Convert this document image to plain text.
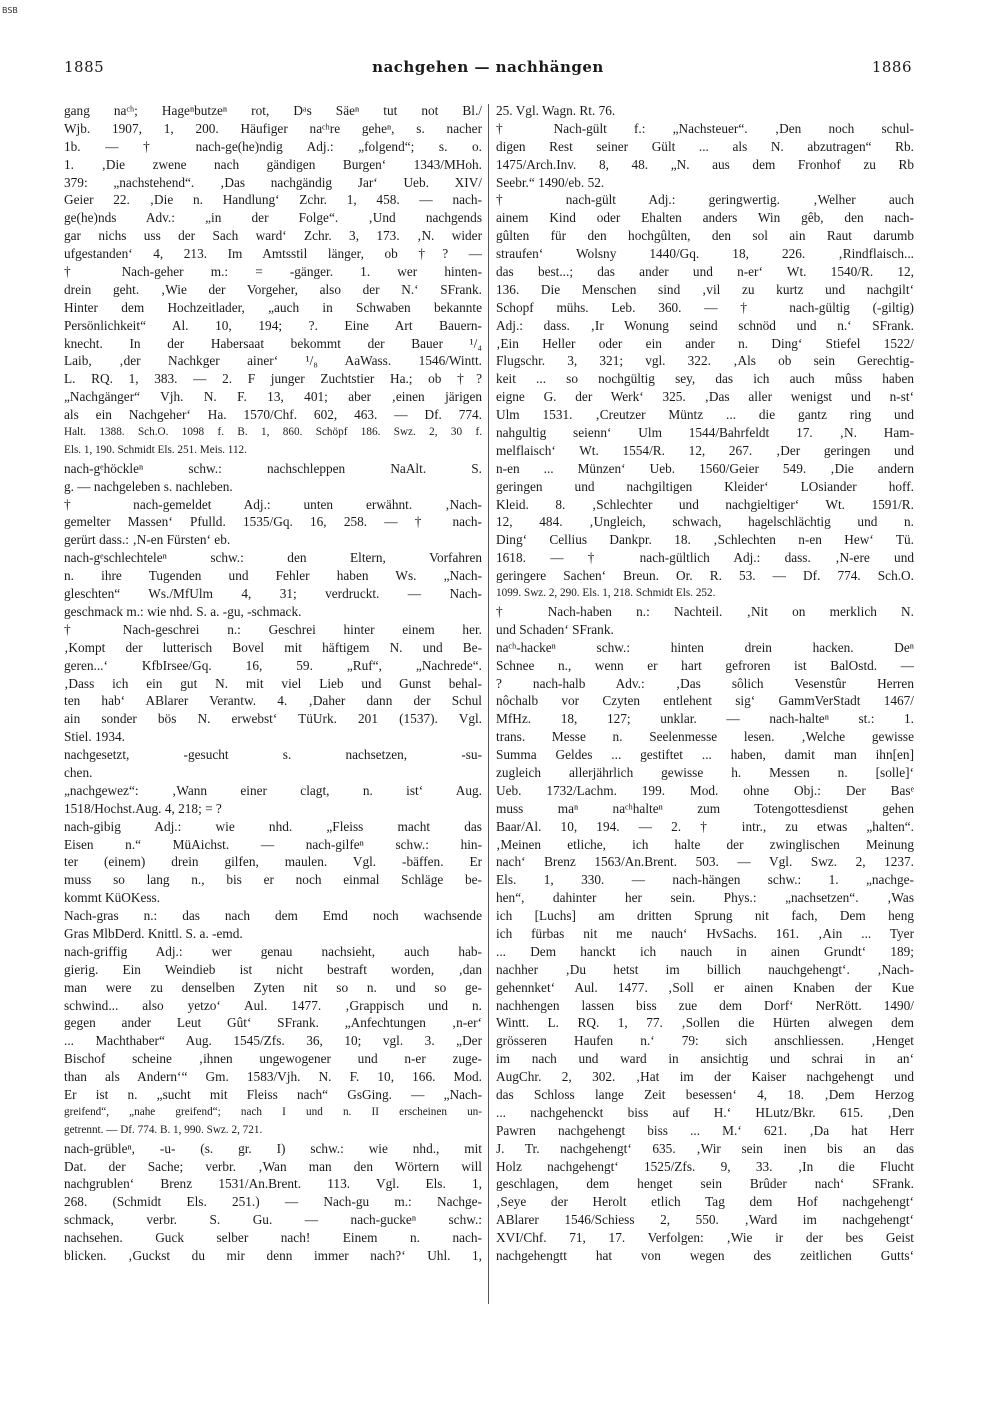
BSB
1885	nachgehen — nachhängen	1886
gang naᶜʰ; Hageⁿbutzeⁿ rot, Dᵃs Säeⁿ tut not Bl./
Wjb. 1907, 1, 200. Häufiger naᶜʰre geheⁿ, s. nacher
1b. — † nach-ge(he)ndig Adj.: „folgend“; s. o.
1. ‚Die zwene nach gändigen Burgen‘ 1343/MHoh.
379: „nachstehend“. ‚Das nachgändig Jar‘ Ueb. XIV/
Geier 22. ‚Die n. Handlung‘ Zchr. 1, 458. — nach-
ge(he)nds Adv.: „in der Folge“. ‚Und nachgends
gar nichs uss der Sach ward‘ Zchr. 3, 173. ‚N. wider
ufgestanden‘ 4, 213. Im Amtsstil länger, ob †? —
† Nach-geher m.: = -gänger. 1. wer hinten-
drein geht. ‚Wie der Vorgeher, also der N.‘ SFrank.
Hinter dem Hochzeitlader, „auch in Schwaben bekannte
Persönlichkeit“ Al. 10, 194; ?. Eine Art Bauern-
knecht. In der Habersaat bekommt der Bauer ¹/₄
Laib, ‚der Nachkger ainer‘ ¹/₈ AaWass. 1546/Wintt.
L. RQ. 1, 383. — 2. F junger Zuchtstier Ha.; ob †?
„Nachgänger“ Vjh. N. F. 13, 401; aber ‚einen järigen
als ein Nachgeher‘ Ha. 1570/Chf. 602, 463. — Df. 774.
Halt. 1388. Sch.O. 1098 f. B. 1, 860. Schöpf 186. Swz. 2, 30 f.
Els. 1, 190. Schmidt Els. 251. Meis. 112.
nach-gᵉhöckleⁿ schw.: nachschleppen NaAlt. S.
g. — nachgeleben s. nachleben.
† nach-gemeldet Adj.: unten erwähnt. ‚Nach-
gemelter Massen‘ Pfulld. 1535/Gq. 16, 258. — † nach-
gerürt dass.: ‚N-en Fürsten‘ eb.
nach-gᵉschlechteleⁿ schw.: den Eltern, Vorfahren
n. ihre Tugenden und Fehler haben Ws. „Nach-
gleschten“ Ws./MfUlm 4, 31; verdruckt. — Nach-
geschmack m.: wie nhd. S. a. -gu, -schmack.
† Nach-geschrei n.: Geschrei hinter einem her.
‚Kompt der lutterisch Bovel mit häftigem N. und Be-
geren...‘ KfbIrsee/Gq. 16, 59. „Ruf“, „Nachrede“.
‚Dass ich ein gut N. mit viel Lieb und Gunst behal-
ten hab‘ ABlarer Verantw. 4. ‚Daher dann der Schul
ain sonder bös N. erwebst‘ TüUrk. 201 (1537). Vgl.
Stiel. 1934.
nachgesetzt, -gesucht s. nachsetzen, -su-
chen.
„nachgewez“: ‚Wann einer clagt, n. ist‘ Aug.
1518/Hochst.Aug. 4, 218; = ?
nach-gibig Adj.: wie nhd. „Fleiss macht das
Eisen n.“ MüAichst. — nach-gilfeⁿ schw.: hin-
ter (einem) drein gilfen, maulen. Vgl. -bäffen. Er
muss so lang n., bis er noch einmal Schläge be-
kommt KüOKess.
Nach-gras n.: das nach dem Emd noch wachsende
Gras MlbDerd. Knittl. S. a. -emd.
nach-griffig Adj.: wer genau nachsieht, auch hab-
gierig. Ein Weindieb ist nicht bestraft worden, ‚dan
man were zu denselben Zyten nit so n. und so ge-
schwind... also yetzo‘ Aul. 1477. ‚Grappisch und n.
gegen ander Leut Gût‘ SFrank. „Anfechtungen ‚n-er‘
... Machthaber“ Aug. 1545/Zfs. 36, 10; vgl. 3. „Der
Bischof scheine ‚ihnen ungewogener und n-er zuge-
than als Andern‘“ Gm. 1583/Vjh. N. F. 10, 166. Mod.
Er ist n. „sucht mit Fleiss nach“ GsGing. — „Nach-
greifend“, „nahe greifend“; nach I und n. II erscheinen un-
getrennt. — Df. 774. B. 1, 990. Swz. 2, 721.
nach-grübleⁿ, -u- (s. gr. I) schw.: wie nhd., mit
Dat. der Sache; verbr. ‚Wan man den Wörtern will
nachgrublen‘ Brenz 1531/An.Brent. 113. Vgl. Els. 1,
268. (Schmidt Els. 251.) — Nach-gu m.: Nachge-
schmack, verbr. S. Gu. — nach-guckeⁿ schw.:
nachsehen. Guck selber nach! Einem n. nach-
blicken. ‚Guckst du mir denn immer nach?‘ Uhl. 1,
25. Vgl. Wagn. Rt. 76.
† Nach-gült f.: „Nachsteuer“. ‚Den noch schul-
digen Rest seiner Gült ... als N. abzutragen“ Rb.
1475/Arch.Inv. 8, 48. „N. aus dem Fronhof zu Rb
Seebr.“ 1490/eb. 52.
† nach-gült Adj.: geringwertig. ‚Welher auch
ainem Kind oder Ehalten anders Win gêb, den nach-
gûlten für den hochgûlten, den sol ain Raut darumb
straufen‘ Wolsny 1440/Gq. 18, 226. ‚Rindflaisch...
das best...; das ander und n-er‘ Wt. 1540/R. 12,
136. Die Menschen sind ‚vil zu kurtz und nachgilt‘
Schopf mühs. Leb. 360. — † nach-gültig (-giltig)
Adj.: dass. ‚Ir Wonung seind schnöd und n.‘ SFrank.
‚Ein Heller oder ein ander n. Ding‘ Stiefel 1522/
Flugschr. 3, 321; vgl. 322. ‚Als ob sein Gerechtig-
keit ... so nochgültig sey, das ich auch mûss haben
eigne G. der Werk‘ 325. ‚Das aller wenigst und n-st‘
Ulm 1531. ‚Creutzer Müntz ... die gantz ring und
nahgultig seienn‘ Ulm 1544/Bahrfeldt 17. ‚N. Ham-
melflaisch‘ Wt. 1554/R. 12, 267. ‚Der geringen und
n-en ... Münzen‘ Ueb. 1560/Geier 549. ‚Die andern
geringen und nachgiltigen Kleider‘ LOsiander hoff.
Kleid. 8. ‚Schlechter und nachgieltiger‘ Wt. 1591/R.
12, 484. ‚Ungleich, schwach, hagelschlächtig und n.
Ding‘ Cellius Dankpr. 18. ‚Schlechten n-en Hew‘ Tü.
1618. — † nach-gültlich Adj.: dass. ‚N-ere und
geringere Sachen‘ Breun. Or. R. 53. — Df. 774. Sch.O.
1099. Swz. 2, 290. Els. 1, 218. Schmidt Els. 252.
† Nach-haben n.: Nachteil. ‚Nit on merklich N.
und Schaden‘ SFrank.
naᶜʰ-hackeⁿ schw.: hinten drein hacken. Deⁿ
Schnee n., wenn er hart gefroren ist BalOstd. —
? nach-halb Adv.: ‚Das sôlich Vesenstûr Herren
nôchalb vor Czyten entlehent sig‘ GammVerStadt 1467/
MfHz. 18, 127; unklar. — nach-halteⁿ st.: 1.
trans. Messe n. Seelenmesse lesen. ‚Welche gewisse
Summa Geldes ... gestiftet ... haben, damit man ihn[en]
zugleich allerjährlich gewisse h. Messen n. [solle]‘
Ueb. 1732/Lachm. 199. Mod. ohne Obj.: Der Basᵉ
muss maⁿ naᶜʰhalteⁿ zum Totengottesdienst gehen
Baar/Al. 10, 194. — 2. † intr., zu etwas „halten“.
‚Meinen etliche, ich halte der zwinglischen Meinung
nach‘ Brenz 1563/An.Brent. 503. — Vgl. Swz. 2, 1237.
Els. 1, 330. — nach-hängen schw.: 1. „nachge-
hen“, dahinter her sein. Phys.: „nachsetzen“. ‚Was
ich [Luchs] am dritten Sprung nit fach, Dem heng
ich fürbas nit me nauch‘ HvSachs. 161. ‚Ain ... Tyer
... Dem hanckt ich nauch in ainen Grundt‘ 189;
nachher ‚Du hetst im billich nauchgehengt‘. ‚Nach-
gehennket‘ Aul. 1477. ‚Soll er ainen Knaben der Kue
nachhengen lassen biss zue dem Dorf‘ NerRött. 1490/
Wintt. L. RQ. 1, 77. ‚Sollen die Hürten alwegen dem
grösseren Haufen n.‘ 79: sich anschliessen. ‚Henget
im nach und ward in ansichtig und schrai in an‘
AugChr. 2, 302. ‚Hat im der Kaiser nachgehengt und
das Schloss lange Zeit besessen‘ 4, 18. ‚Dem Herzog
... nachgehenckt biss auf H.‘ HLutz/Bkr. 615. ‚Den
Pawren nachgehengt biss ... M.‘ 621. ‚Da hat Herr
J. Tr. nachgehengt‘ 635. ‚Wir sein inen bis an das
Holz nachgehengt‘ 1525/Zfs. 9, 33. ‚In die Flucht
geschlagen, dem henget sein Brûder nach‘ SFrank.
‚Seye der Herolt etlich Tag dem Hof nachgehengt‘
ABlarer 1546/Schiess 2, 550. ‚Ward im nachgehengt‘
XVI/Chf. 71, 17. Verfolgen: ‚Wie ir der bes Geist
nachgehengtt hat von wegen des zeitlichen Gutts‘
